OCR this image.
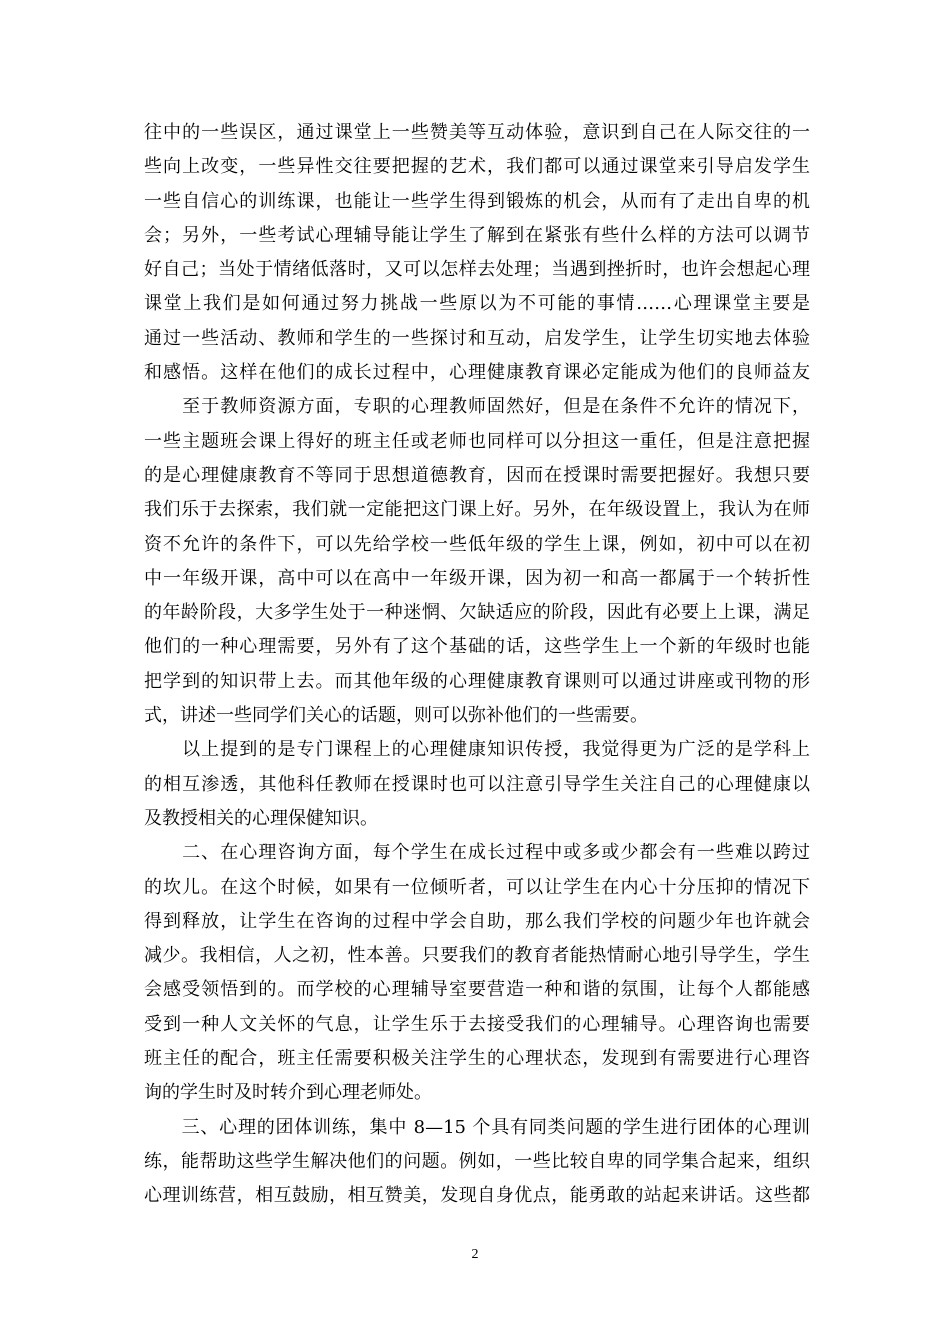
往中的一些误区，通过课堂上一些赞美等互动体验，意识到自己在人际交往的一
些向上改变，一些异性交往要把握的艺术，我们都可以通过课堂来引导启发学生
一些自信心的训练课，也能让一些学生得到锻炼的机会，从而有了走出自卑的机
会；另外，一些考试心理辅导能让学生了解到在紧张有些什么样的方法可以调节
好自己；当处于情绪低落时，又可以怎样去处理；当遇到挫折时，也许会想起心理
课堂上我们是如何通过努力挑战一些原以为不可能的事情……心理课堂主要是
通过一些活动、教师和学生的一些探讨和互动，启发学生，让学生切实地去体验
和感悟。这样在他们的成长过程中，心理健康教育课必定能成为他们的良师益友
　　至于教师资源方面，专职的心理教师固然好，但是在条件不允许的情况下，
一些主题班会课上得好的班主任或老师也同样可以分担这一重任，但是注意把握
的是心理健康教育不等同于思想道德教育，因而在授课时需要把握好。我想只要
我们乐于去探索，我们就一定能把这门课上好。另外，在年级设置上，我认为在师
资不允许的条件下，可以先给学校一些低年级的学生上课，例如，初中可以在初
中一年级开课，高中可以在高中一年级开课，因为初一和高一都属于一个转折性
的年龄阶段，大多学生处于一种迷惘、欠缺适应的阶段，因此有必要上上课，满足
他们的一种心理需要，另外有了这个基础的话，这些学生上一个新的年级时也能
把学到的知识带上去。而其他年级的心理健康教育课则可以通过讲座或刊物的形
式，讲述一些同学们关心的话题，则可以弥补他们的一些需要。
　　以上提到的是专门课程上的心理健康知识传授，我觉得更为广泛的是学科上
的相互渗透，其他科任教师在授课时也可以注意引导学生关注自己的心理健康以
及教授相关的心理保健知识。
　　二、在心理咨询方面，每个学生在成长过程中或多或少都会有一些难以跨过
的坎儿。在这个时候，如果有一位倾听者，可以让学生在内心十分压抑的情况下
得到释放，让学生在咨询的过程中学会自助，那么我们学校的问题少年也许就会
减少。我相信，人之初，性本善。只要我们的教育者能热情耐心地引导学生，学生
会感受领悟到的。而学校的心理辅导室要营造一种和谐的氛围，让每个人都能感
受到一种人文关怀的气息，让学生乐于去接受我们的心理辅导。心理咨询也需要
班主任的配合，班主任需要积极关注学生的心理状态，发现到有需要进行心理咨
询的学生时及时转介到心理老师处。
　　三、心理的团体训练，集中 8—15 个具有同类问题的学生进行团体的心理训
练，能帮助这些学生解决他们的问题。例如，一些比较自卑的同学集合起来，组织
心理训练营，相互鼓励，相互赞美，发现自身优点，能勇敢的站起来讲话。这些都
2
